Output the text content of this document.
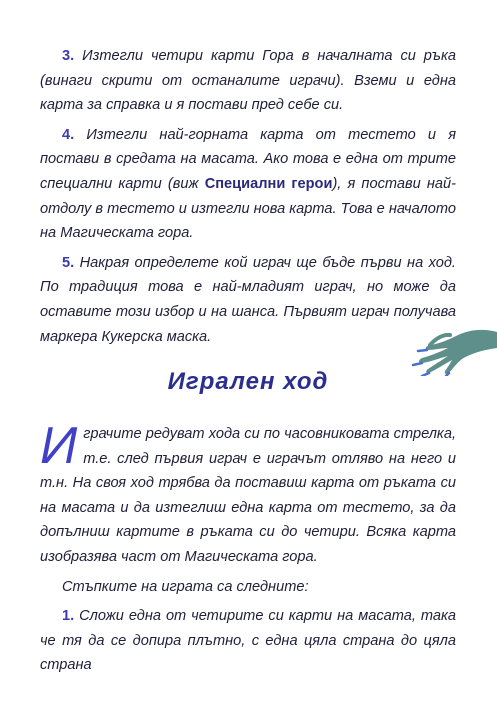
3. Изтегли четири карти Гора в началната си ръка (винаги скрити от останалите играчи). Вземи и една карта за справка и я постави пред себе си.

4. Изтегли най-горната карта от тестето и я постави в средата на масата. Ако това е една от трите специални карти (виж Специални герои), я постави най-отдолу в тестето и изтегли нова карта. Това е началото на Магическата гора.

5. Накрая определете кой играч ще бъде първи на ход. По традиция това е най-младият играч, но може да оставите този избор и на шанса. Първият играч получава маркера Кукерска маска.

Игрален ход

Играчите редуват хода си по часовниковата стрелка, т.е. след първия играч е играчът отляво на него и т.н. На своя ход трябва да поставиш карта от ръката си на масата и да изтеглиш една карта от тестето, за да допълниш картите в ръката си до четири. Всяка карта изобразява част от Магическата гора.

Стъпките на играта са следните:

1. Сложи една от четирите си карти на масата, така че тя да се допира плътно, с една цяла страна до цяла страна
